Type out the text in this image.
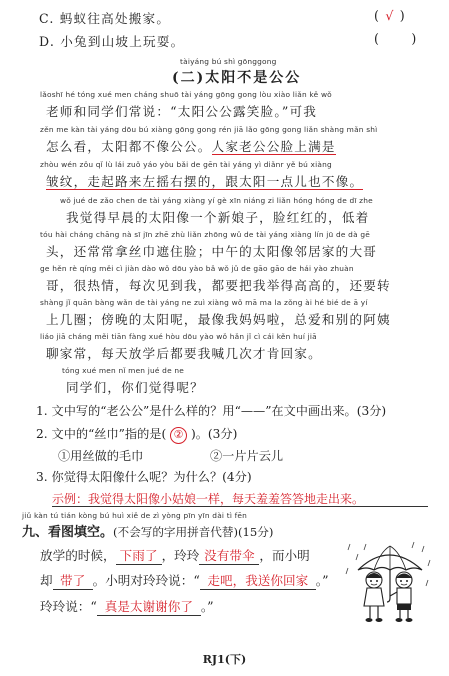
C. 蚂蚁往高处搬家。	( √ )
D. 小兔到山坡上玩耍。	(      )
tàiyáng bú shì gōnggong
(二)太阳不是公公
lǎoshī hé tóng xué men cháng shuō tài yáng gōng gong lòu xiào liǎn kě wǒ
老师和同学们常说：“太阳公公露笑脸。”可我
zěn me kàn tài yáng dōu bú xiàng gōng gong rén jiā lǎo gōng gong liǎn shàng mǎn shì
怎么看，太阳都不像公公。人家老公公脸上满是
zhòu wén zǒu qǐ lù lái zuǒ yáo yòu bǎi de gēn tài yáng yì diǎnr yě bú xiàng
皱纹，走起路来左摇右摆的，跟太阳一点儿也不像。
wǒ jué de zǎo chen de tài yáng xiàng yí gè xīn niáng zi liǎn hóng hóng de dī zhe
我觉得早晨的太阳像一个新娘子，脸红红的，低着
tóu hài cháng chāng nà sī jīn zhē zhù liǎn zhōng wǔ de tài yáng xiàng lín jū de dà gē
头，还常常拿丝巾遮住脸；中午的太阳像邻居家的大哥
ge hěn rè qíng měi cì jiàn dào wǒ dōu yào bǎ wǒ jǔ de gāo gāo de hái yào zhuàn
哥，很热情，每次见到我，都要把我举得高高的，还要转
shàng jǐ quān bàng wǎn de tài yáng ne zuì xiàng wǒ mā ma la zǒng ài hé bié de ā yí
上几圈；傍晚的太阳呢，最像我妈妈啦，总爱和别的阿姨
liáo jiā cháng měi tiān fàng xué hòu dōu yào wǒ hǎn jǐ cì cái kěn huí jiā
聊家常，每天放学后都要我喊几次才肯回家。
tóng xué men nǐ men jué de ne
同学们，你们觉得呢？
1. 文中写的“老公公”是什么样的？用“——”在文中画出来。(3分)
2. 文中的“丝巾”指的是( ② )。(3分)
①用丝做的毛巾	②一片片云儿
3. 你觉得太阳像什么呢？为什么？(4分)
示例：我觉得太阳像小姑娘一样，每天羞羞答答地走出来。
jiǔ kàn tú tián kòng bú huì xiě de zì yòng pīn yīn dài tì fēn
九、看图填空。(不会写的字用拼音代替)(15分)
放学的时候， 下雨了 ，玲玲 没有带伞 ，而小明
却 带了 。小明对玲玲说：“ 走吧，我送你回家 。”
玲玲说：“ 真是太谢谢你了 。”
RJ1(下)
